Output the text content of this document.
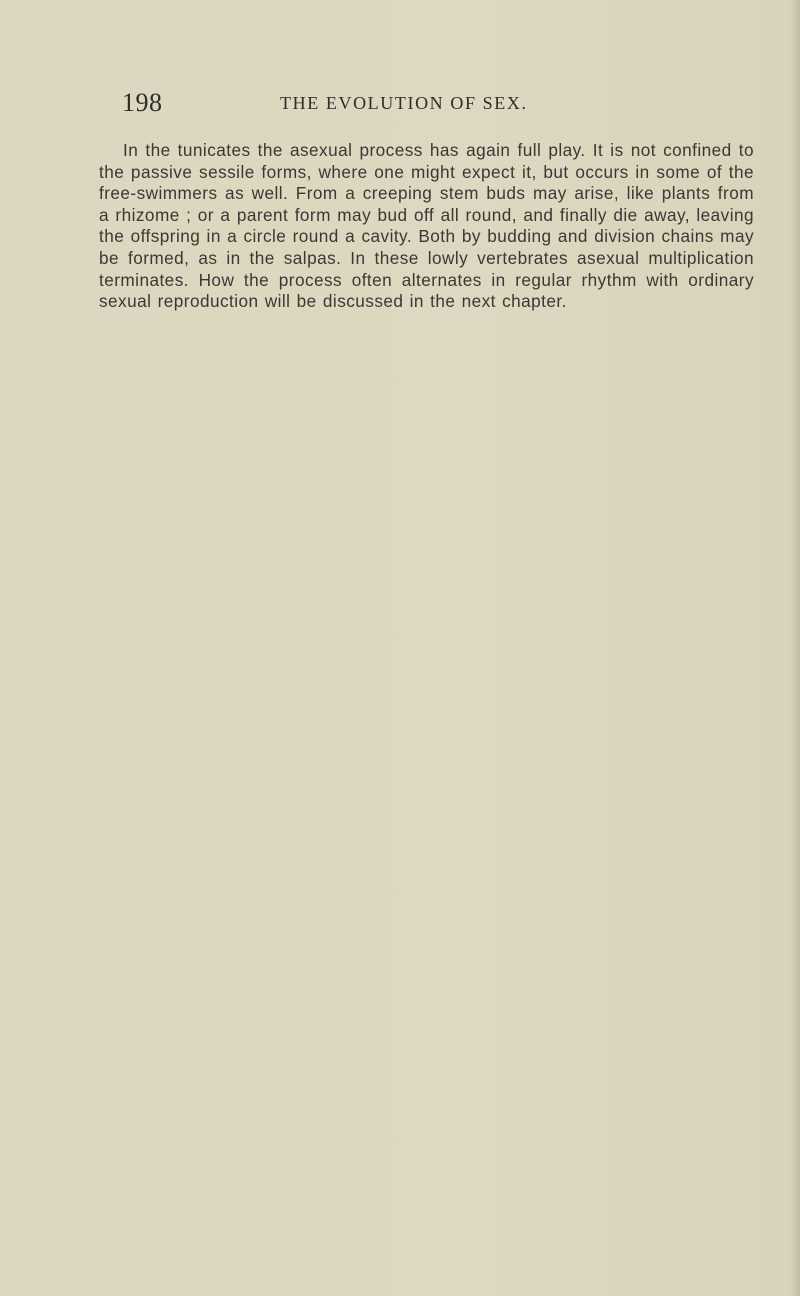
198	THE EVOLUTION OF SEX.

In the tunicates the asexual process has again full play. It is not confined to the passive sessile forms, where one might expect it, but occurs in some of the free-swimmers as well. From a creeping stem buds may arise, like plants from a rhizome ; or a parent form may bud off all round, and finally die away, leaving the offspring in a circle round a cavity. Both by budding and division chains may be formed, as in the salpas. In these lowly vertebrates asexual multiplication terminates. How the process often alternates in regular rhythm with ordinary sexual reproduction will be discussed in the next chapter.
